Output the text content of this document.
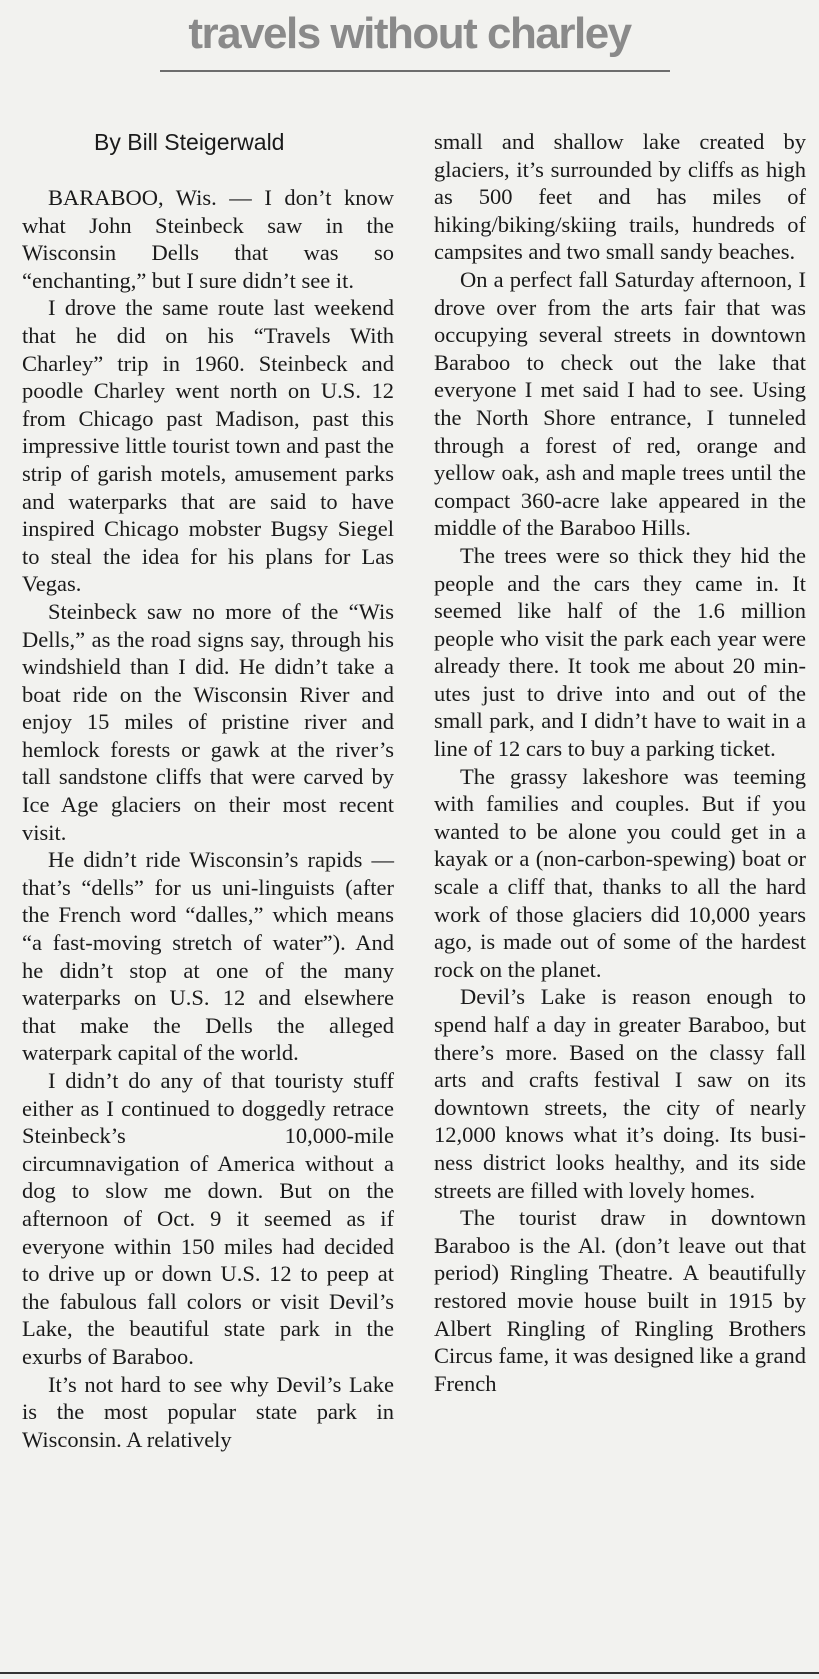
travels without charley
By Bill Steigerwald

BARABOO, Wis. — I don’t know what John Steinbeck saw in the Wisconsin Dells that was so “enchanting,” but I sure didn’t see it.

I drove the same route last weekend that he did on his “Travels With Charley” trip in 1960. Steinbeck and poodle Charley went north on U.S. 12 from Chicago past Madison, past this impressive little tourist town and past the strip of garish motels, amusement parks and waterparks that are said to have inspired Chicago mobster Bugsy Siegel to steal the idea for his plans for Las Vegas.

Steinbeck saw no more of the “Wis Dells,” as the road signs say, through his windshield than I did. He didn’t take a boat ride on the Wisconsin River and enjoy 15 miles of pristine river and hemlock forests or gawk at the river’s tall sandstone cliffs that were carved by Ice Age glaciers on their most recent visit.

He didn’t ride Wisconsin’s rapids — that’s “dells” for us uni-linguists (after the French word “dalles,” which means “a fast-moving stretch of water”). And he didn’t stop at one of the many waterparks on U.S. 12 and elsewhere that make the Dells the alleged waterpark capital of the world.

I didn’t do any of that touristy stuff either as I continued to doggedly retrace Steinbeck’s 10,000-mile circumnavigation of America without a dog to slow me down. But on the afternoon of Oct. 9 it seemed as if everyone within 150 miles had decided to drive up or down U.S. 12 to peep at the fabulous fall colors or visit Devil’s Lake, the beautiful state park in the exurbs of Baraboo.

It’s not hard to see why Devil’s Lake is the most popular state park in Wisconsin. A relatively

small and shallow lake created by glaciers, it’s surrounded by cliffs as high as 500 feet and has miles of hiking/biking/skiing trails, hundreds of campsites and two small sandy beaches.

On a perfect fall Saturday afternoon, I drove over from the arts fair that was occupying several streets in downtown Baraboo to check out the lake that everyone I met said I had to see. Using the North Shore entrance, I tunneled through a forest of red, orange and yellow oak, ash and maple trees until the compact 360-acre lake appeared in the middle of the Baraboo Hills.

The trees were so thick they hid the people and the cars they came in. It seemed like half of the 1.6 million people who visit the park each year were already there. It took me about 20 minutes just to drive into and out of the small park, and I didn’t have to wait in a line of 12 cars to buy a parking ticket.

The grassy lakeshore was teeming with families and couples. But if you wanted to be alone you could get in a kayak or a (non-carbon-spewing) boat or scale a cliff that, thanks to all the hard work of those glaciers did 10,000 years ago, is made out of some of the hardest rock on the planet.

Devil’s Lake is reason enough to spend half a day in greater Baraboo, but there’s more. Based on the classy fall arts and crafts festival I saw on its downtown streets, the city of nearly 12,000 knows what it’s doing. Its business district looks healthy, and its side streets are filled with lovely homes.

The tourist draw in downtown Baraboo is the Al. (don’t leave out that period) Ringling Theatre. A beautifully restored movie house built in 1915 by Albert Ringling of Ringling Brothers Circus fame, it was designed like a grand French
